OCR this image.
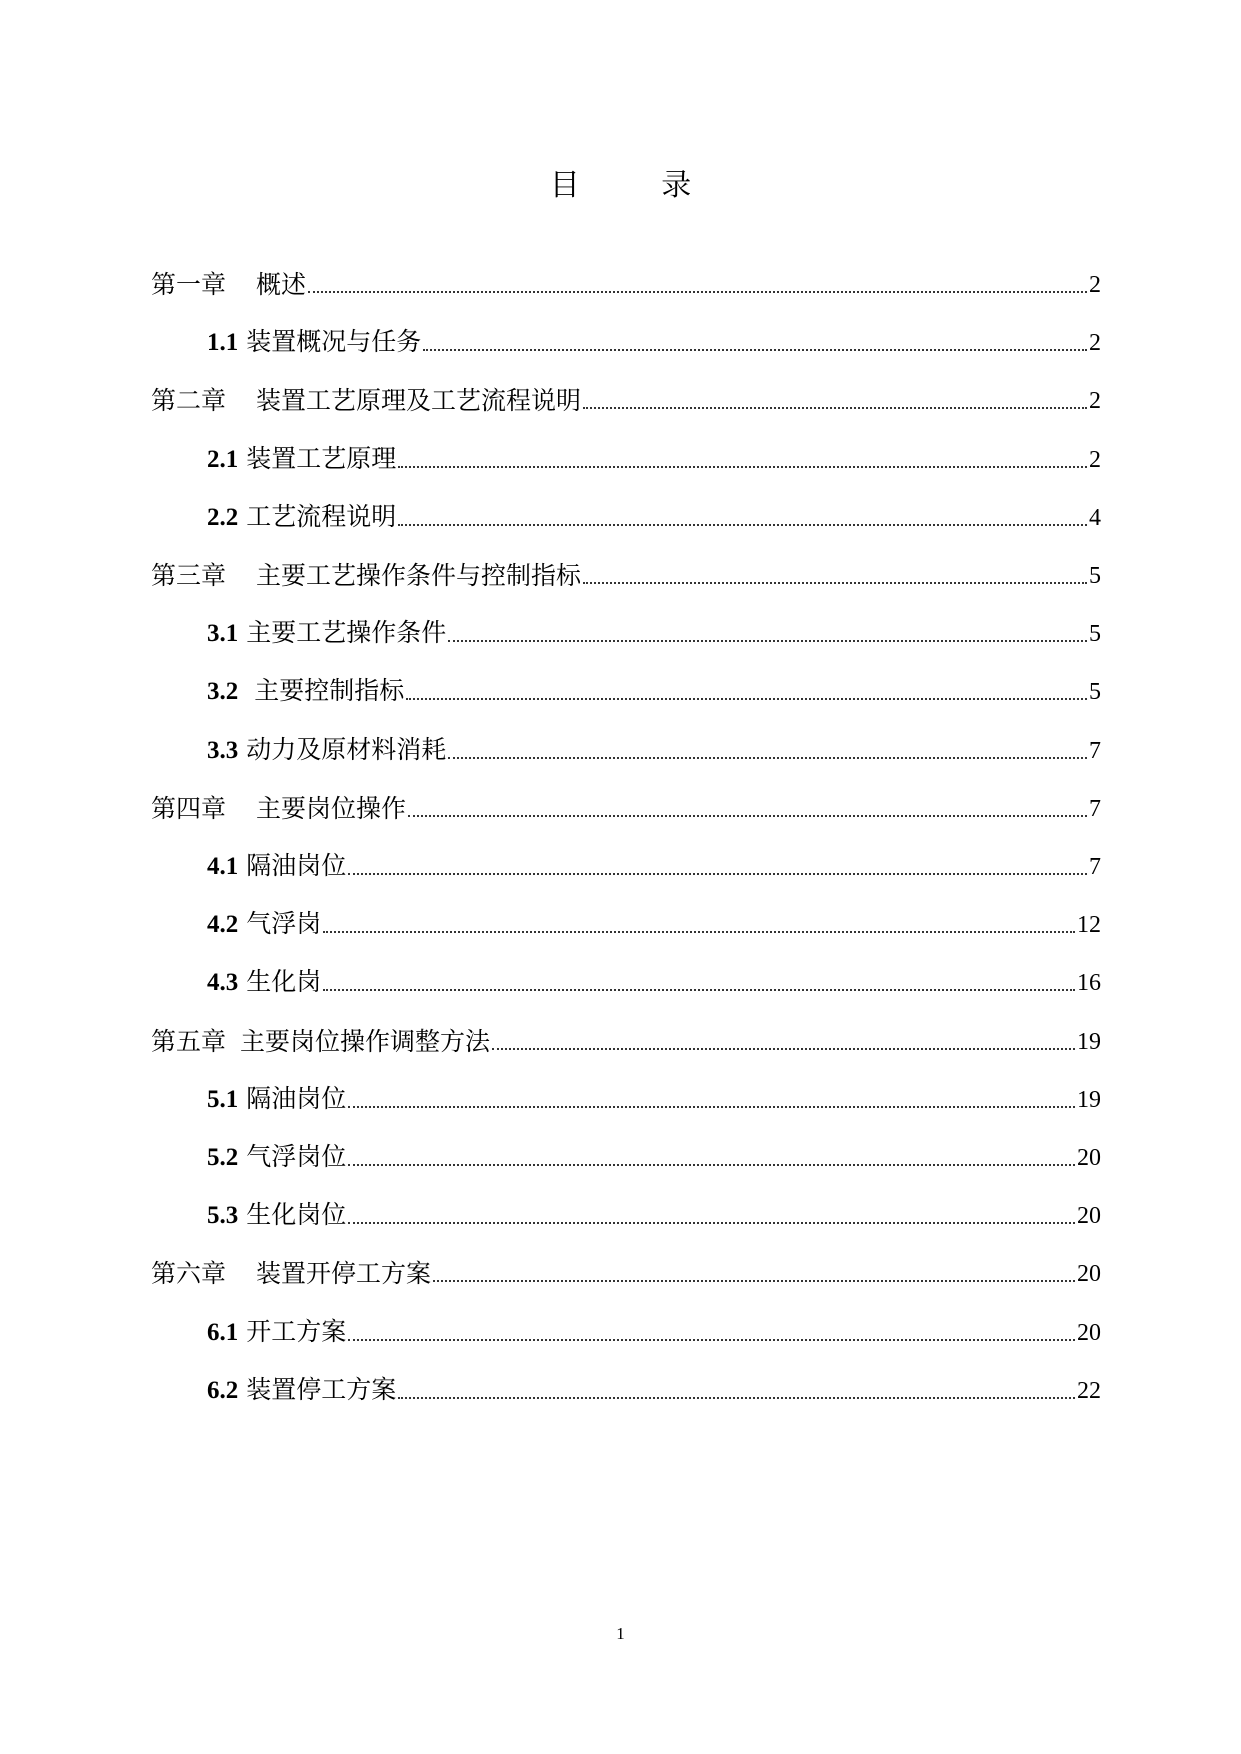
目 录
第一章 概述	2
1.1 装置概况与任务	2
第二章 装置工艺原理及工艺流程说明	2
2.1 装置工艺原理	2
2.2 工艺流程说明	4
第三章 主要工艺操作条件与控制指标	5
3.1 主要工艺操作条件	5
3.2 主要控制指标	5
3.3 动力及原材料消耗	7
第四章 主要岗位操作	7
4.1 隔油岗位	7
4.2 气浮岗	12
4.3 生化岗	16
第五章 主要岗位操作调整方法	19
5.1 隔油岗位	19
5.2 气浮岗位	20
5.3 生化岗位	20
第六章 装置开停工方案	20
6.1 开工方案	20
6.2 装置停工方案	22
1
